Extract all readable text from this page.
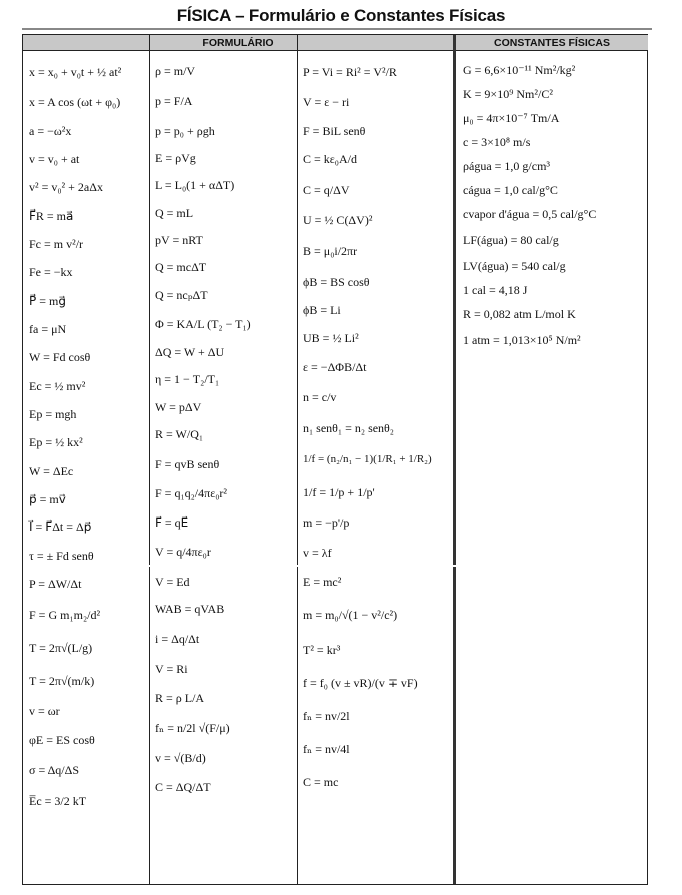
FÍSICA – Formulário e Constantes Físicas
FORMULÁRIO	CONSTANTES FÍSICAS
x = x₀ + v₀t + ½ at²
x = A cos (ωt + φ₀)
a = −ω²x
v = v₀ + at
v² = v₀² + 2aΔx
F⃗R = ma⃗
Fc = m v²/r
Fe = −kx
P⃗ = mg⃗
fa = μN
W = Fd cosθ
Ec = ½ mv²
Ep = mgh
Ep = ½ kx²
W = ΔEc
p⃗ = mv⃗
I⃗ = F⃗Δt = Δp⃗
τ = ± Fd senθ
P = ΔW/Δt
F = G m₁m₂/d²
T = 2π√(L/g)
T = 2π√(m/k)
v = ωr
φE = ES cosθ
σ = Δq/ΔS
E̅c = 3/2 kT
ρ = m/V
p = F/A
p = p₀ + ρgh
E = ρVg
L = L₀(1 + αΔT)
Q = mL
pV = nRT
Q = mcΔT
Q = ncₚΔT
Φ = KA/L (T₂ − T₁)
ΔQ = W + ΔU
η = 1 − T₂/T₁
W = pΔV
R = W/Q₁
F = qvB senθ
F = q₁q₂/4πε₀r²
F⃗ = qE⃗
V = q/4πε₀r
V = Ed
WAB = qVAB
i = Δq/Δt
V = Ri
R = ρ L/A
fₙ = n/2l √(F/μ)
v = √(B/d)
C = ΔQ/ΔT
P = Vi = Ri² = V²/R
V = ε − ri
F = BiL senθ
C = kε₀A/d
C = q/ΔV
U = ½ C(ΔV)²
B = μ₀i/2πr
ϕB = BS cosθ
ϕB = Li
UB = ½ Li²
ε = −ΔΦB/Δt
n = c/v
n₁ senθ₁ = n₂ senθ₂
1/f = (n₂/n₁ − 1)(1/R₁ + 1/R₂)
1/f = 1/p + 1/p'
m = −p'/p
v = λf
E = mc²
m = m₀/√(1 − v²/c²)
T² = kr³
f = f₀ (v ± vR)/(v ∓ vF)
fₙ = nv/2l
fₙ = nv/4l
C = mc
G = 6,6×10⁻¹¹ Nm²/kg²
K = 9×10⁹ Nm²/C²
μ₀ = 4π×10⁻⁷ Tm/A
c = 3×10⁸ m/s
ρágua = 1,0 g/cm³
cágua = 1,0 cal/g°C
cvapor d'água = 0,5 cal/g°C
LF(água) = 80 cal/g
LV(água) = 540 cal/g
1 cal = 4,18 J
R = 0,082 atm L/mol K
1 atm = 1,013×10⁵ N/m²
